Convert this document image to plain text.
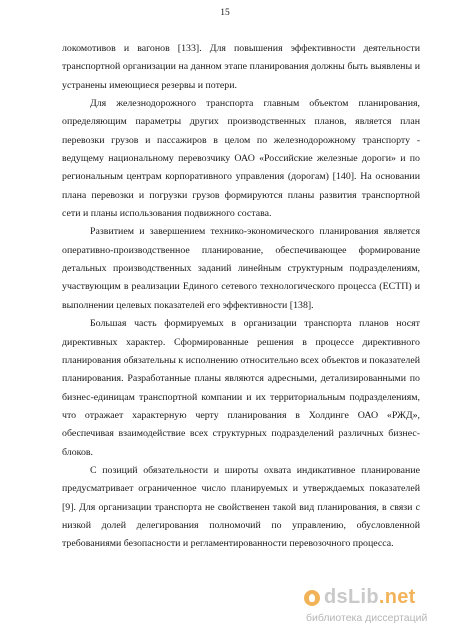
15

локомотивов и вагонов [133]. Для повышения эффективности деятельности транспортной организации на данном этапе планирования должны быть выявлены и устранены имеющиеся резервы и потери.

Для железнодорожного транспорта главным объектом планирования, определяющим параметры других производственных планов, является план перевозки грузов и пассажиров в целом по железнодорожному транспорту - ведущему национальному перевозчику ОАО «Российские железные дороги» и по региональным центрам корпоративного управления (дорогам) [140]. На основании плана перевозки и погрузки грузов формируются планы развития транспортной сети и планы использования подвижного состава.

Развитием и завершением технико-экономического планирования является оперативно-производственное планирование, обеспечивающее формирование детальных производственных заданий линейным структурным подразделениям, участвующим в реализации Единого сетевого технологического процесса (ЕСТП) и выполнении целевых показателей его эффективности [138].

Большая часть формируемых в организации транспорта планов носят директивных характер. Сформированные решения в процессе директивного планирования обязательны к исполнению относительно всех объектов и показателей планирования. Разработанные планы являются адресными, детализированными по бизнес-единицам транспортной компании и их территориальным подразделениям, что отражает характерную черту планирования в Холдинге ОАО «РЖД», обеспечивая взаимодействие всех структурных подразделений различных бизнес-блоков.

С позиций обязательности и широты охвата индикативное планирование предусматривает ограниченное число планируемых и утверждаемых показателей [9]. Для организации транспорта не свойственен такой вид планирования, в связи с низкой долей делегирования полномочий по управлению, обусловленной требованиями безопасности и регламентированности перевозочного процесса.

dsLib.net
библиотека диссертаций
